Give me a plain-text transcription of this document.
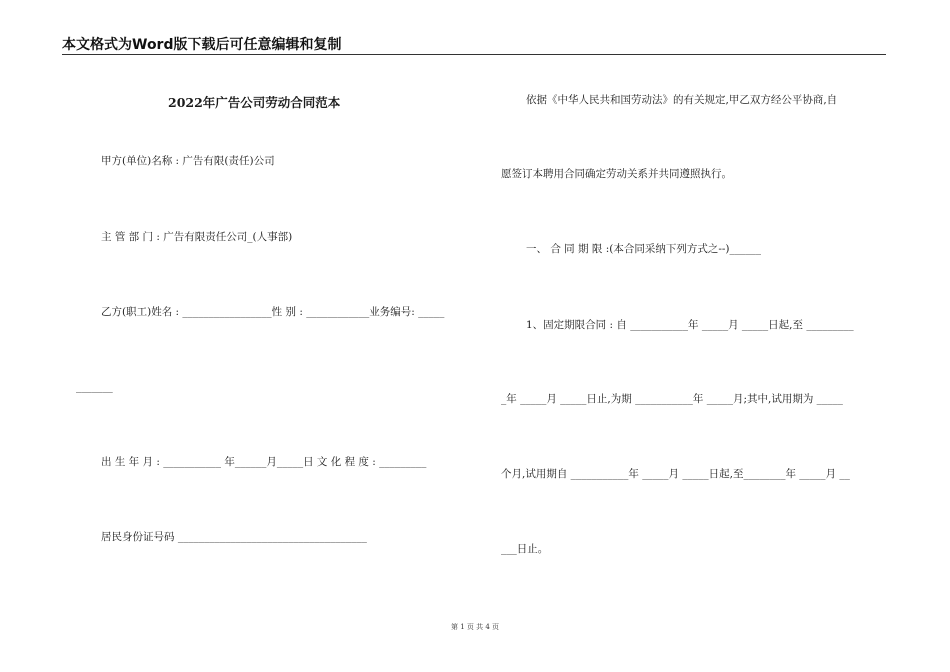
本文格式为Word版下载后可任意编辑和复制
2022年广告公司劳动合同范本
甲方(单位)名称 : 广告有限(责任)公司
主 管 部 门 : 广告有限责任公司_(人事部)
乙方(职工)姓名 : _________________性 别 : ____________业务编号: _____
_______
出 生 年 月 : ___________ 年______月_____日 文 化 程 度 : _________
居民身份证号码 ____________________________________
依据《中华人民共和国劳动法》的有关规定,甲乙双方经公平协商,自
愿签订本聘用合同确定劳动关系并共同遵照执行。
一、 合 同 期 限 :(本合同采纳下列方式之--)______
1、固定期限合同 : 自 ___________年 _____月 _____日起,至 _________
_年 _____月 _____日止,为期 ___________年 _____月;其中,试用期为 _____
个月,试用期自 ___________年 _____月 _____日起,至________年 _____月 __
___日止。
第 1 页 共 4 页
